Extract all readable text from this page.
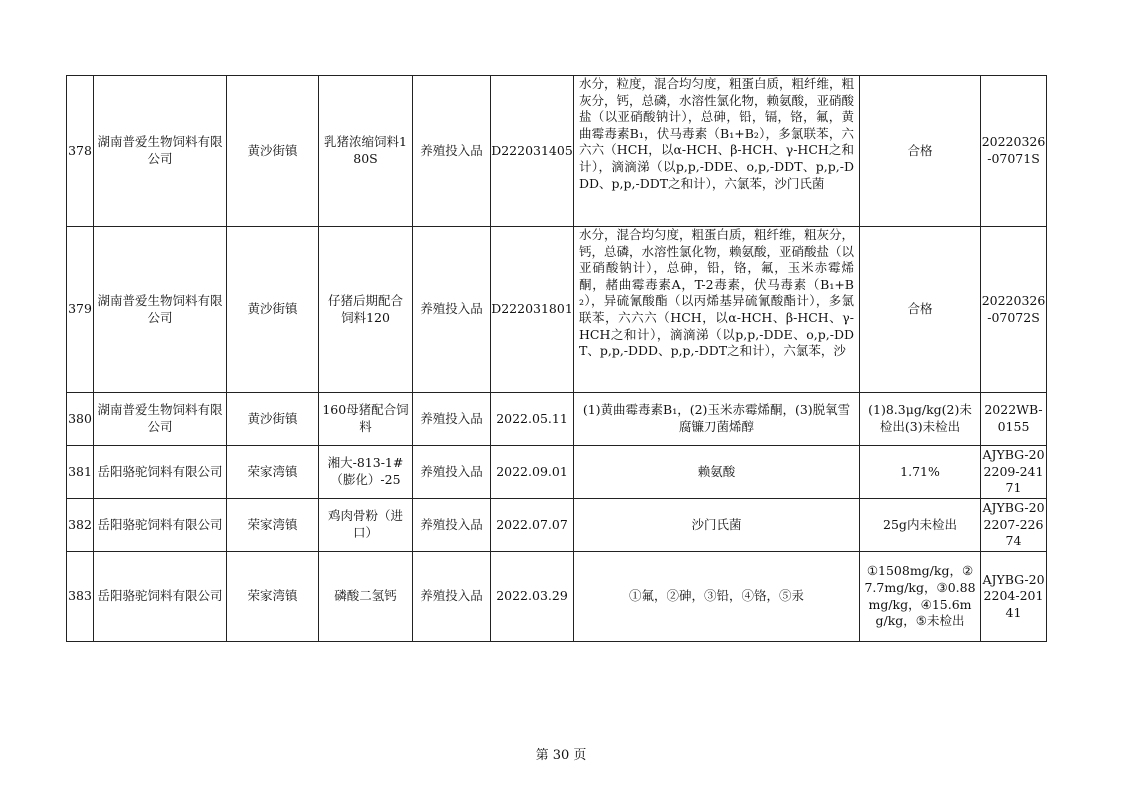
378	湖南普爱生物饲料有限公司	黄沙街镇	乳猪浓缩饲料180S	养殖投入品	D222031405	水分，粒度，混合均匀度，粗蛋白质，粗纤维，粗灰分，钙，总磷，水溶性氯化物，赖氨酸，亚硝酸盐（以亚硝酸钠计），总砷，铅，镉，铬，氟，黄曲霉毒素B₁，伏马毒素（B₁+B₂），多氯联苯，六六六（HCH，以α-HCH、β-HCH、γ-HCH之和计），滴滴涕（以p,p,-DDE、o,p,-DDT、p,p,-DDD、p,p,-DDT之和计），六氯苯，沙门氏菌	合格	20220326-07071S
379	湖南普爱生物饲料有限公司	黄沙街镇	仔猪后期配合饲料120	养殖投入品	D222031801	水分，混合均匀度，粗蛋白质，粗纤维，粗灰分，钙，总磷，水溶性氯化物，赖氨酸，亚硝酸盐（以亚硝酸钠计），总砷，铅，铬，氟，玉米赤霉烯酮，赭曲霉毒素A，T-2毒素，伏马毒素（B₁+B₂），异硫氰酸酯（以丙烯基异硫氰酸酯计），多氯联苯，六六六（HCH，以α-HCH、β-HCH、γ-HCH之和计），滴滴涕（以p,p,-DDE、o,p,-DDT、p,p,-DDD、p,p,-DDT之和计），六氯苯，沙	合格	20220326-07072S
380	湖南普爱生物饲料有限公司	黄沙街镇	160母猪配合饲料	养殖投入品	2022.05.11	(1)黄曲霉毒素B₁，(2)玉米赤霉烯酮，(3)脱氧雪腐镰刀菌烯醇	(1)8.3μg/kg(2)未检出(3)未检出	2022WB-0155
381	岳阳骆驼饲料有限公司	荣家湾镇	湘大-813-1#（膨化）-25	养殖投入品	2022.09.01	赖氨酸	1.71%	AJYBG-202209-24171
382	岳阳骆驼饲料有限公司	荣家湾镇	鸡肉骨粉（进口）	养殖投入品	2022.07.07	沙门氏菌	25g内未检出	AJYBG-202207-22674
383	岳阳骆驼饲料有限公司	荣家湾镇	磷酸二氢钙	养殖投入品	2022.03.29	①氟，②砷，③铅，④铬，⑤汞	①1508mg/kg，②7.7mg/kg，③0.88mg/kg，④15.6mg/kg，⑤未检出	AJYBG-202204-20141
第 30 页
